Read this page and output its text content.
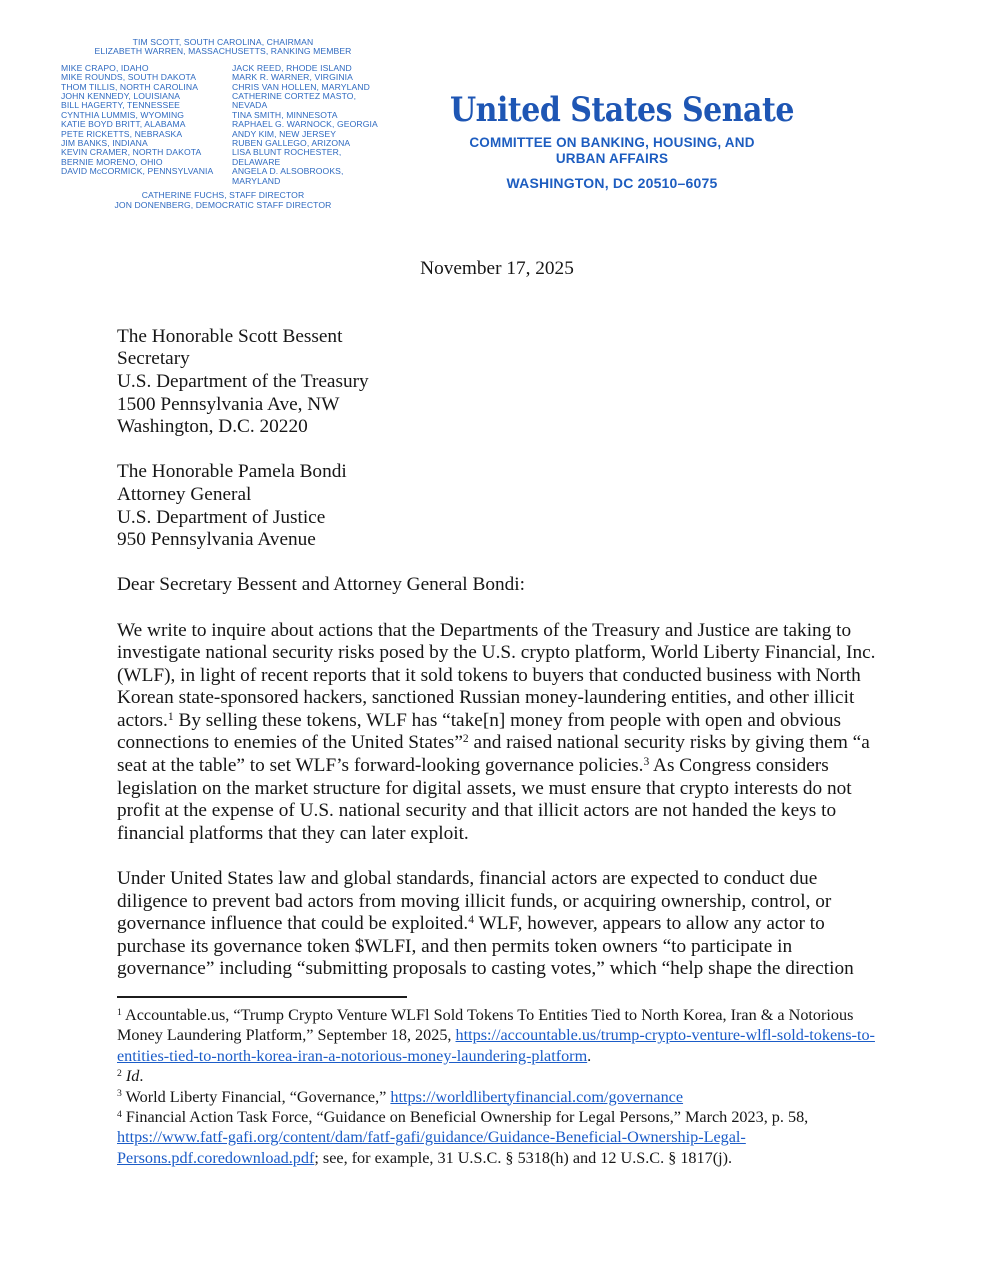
TIM SCOTT, SOUTH CAROLINA, CHAIRMAN
ELIZABETH WARREN, MASSACHUSETTS, RANKING MEMBER
MIKE CRAPO, IDAHO
MIKE ROUNDS, SOUTH DAKOTA
THOM TILLIS, NORTH CAROLINA
JOHN KENNEDY, LOUISIANA
BILL HAGERTY, TENNESSEE
CYNTHIA LUMMIS, WYOMING
KATIE BOYD BRITT, ALABAMA
PETE RICKETTS, NEBRASKA
JIM BANKS, INDIANA
KEVIN CRAMER, NORTH DAKOTA
BERNIE MORENO, OHIO
DAVID McCORMICK, PENNSYLVANIA
JACK REED, RHODE ISLAND
MARK R. WARNER, VIRGINIA
CHRIS VAN HOLLEN, MARYLAND
CATHERINE CORTEZ MASTO, NEVADA
TINA SMITH, MINNESOTA
RAPHAEL G. WARNOCK, GEORGIA
ANDY KIM, NEW JERSEY
RUBEN GALLEGO, ARIZONA
LISA BLUNT ROCHESTER, DELAWARE
ANGELA D. ALSOBROOKS, MARYLAND
CATHERINE FUCHS, STAFF DIRECTOR
JON DONENBERG, DEMOCRATIC STAFF DIRECTOR
United States Senate
COMMITTEE ON BANKING, HOUSING, AND
URBAN AFFAIRS
WASHINGTON, DC 20510–6075
November 17, 2025
The Honorable Scott Bessent
Secretary
U.S. Department of the Treasury
1500 Pennsylvania Ave, NW
Washington, D.C. 20220
The Honorable Pamela Bondi
Attorney General
U.S. Department of Justice
950 Pennsylvania Avenue
Dear Secretary Bessent and Attorney General Bondi:

We write to inquire about actions that the Departments of the Treasury and Justice are taking to investigate national security risks posed by the U.S. crypto platform, World Liberty Financial, Inc. (WLF), in light of recent reports that it sold tokens to buyers that conducted business with North Korean state-sponsored hackers, sanctioned Russian money-laundering entities, and other illicit actors.$^1$ By selling these tokens, WLF has “take[n] money from people with open and obvious connections to enemies of the United States”$^2$ and raised national security risks by giving them “a seat at the table” to set WLF’s forward-looking governance policies.$^3$ As Congress considers legislation on the market structure for digital assets, we must ensure that crypto interests do not profit at the expense of U.S. national security and that illicit actors are not handed the keys to financial platforms that they can later exploit.

Under United States law and global standards, financial actors are expected to conduct due diligence to prevent bad actors from moving illicit funds, or acquiring ownership, control, or governance influence that could be exploited.$^4$ WLF, however, appears to allow any actor to purchase its governance token $WLFI, and then permits token owners “to participate in governance” including “submitting proposals to casting votes,” which “help shape the direction

$^1$ Accountable.us, “Trump Crypto Venture WLFl Sold Tokens To Entities Tied to North Korea, Iran & a Notorious Money Laundering Platform,” September 18, 2025, https://accountable.us/trump-crypto-venture-wlfl-sold-tokens-to-entities-tied-to-north-korea-iran-a-notorious-money-laundering-platform.
$^2$ Id.
$^3$ World Liberty Financial, “Governance,” https://worldlibertyfinancial.com/governance
$^4$ Financial Action Task Force, “Guidance on Beneficial Ownership for Legal Persons,” March 2023, p. 58, https://www.fatf-gafi.org/content/dam/fatf-gafi/guidance/Guidance-Beneficial-Ownership-Legal-Persons.pdf.coredownload.pdf; see, for example, 31 U.S.C. § 5318(h) and 12 U.S.C. § 1817(j).
